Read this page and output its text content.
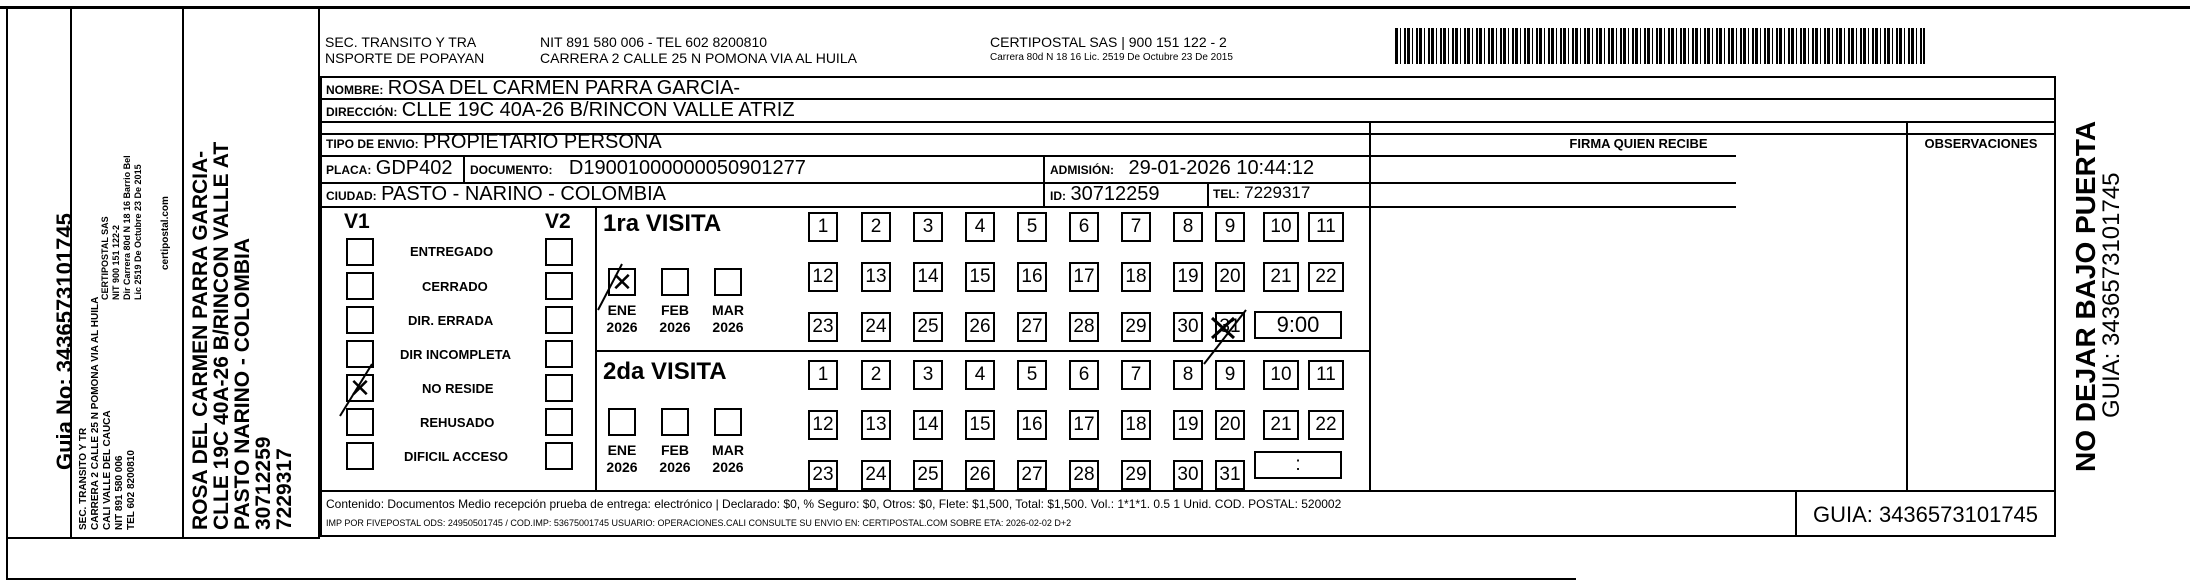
Guia No: 3436573101745
SEC. TRANSITO Y TR CARRERA 2 CALLE 25 N POMONA VIA AL HUILA CALI VALLE DEL CAUCA NIT 891 580 006 TEL 602 8200810
CERTIPOSTAL SAS NIT 900 151 122-2 Dir Carrera 80d N 18 16 Barrio Bel Lic 2519 De Octubre 23 De 2015 certipostal.com ROSA DEL CARMEN PARRA GARCIA-
CLLE 19C 40A-26 B/RINCON VALLE AT
PASTO NARINO - COLOMBIA
30712259
7229317
SEC. TRANSITO Y TRA
NSPORTE DE POPAYAN
NIT 891 580 006 - TEL 602 8200810
CARRERA 2 CALLE 25 N POMONA VIA AL HUILA
CERTIPOSTAL SAS | 900 151 122 - 2
Carrera 80d N 18 16 Lic. 2519 De Octubre 23 De 2015
NOMBRE: ROSA DEL CARMEN PARRA GARCIA-
DIRECCIÓN: CLLE 19C 40A-26 B/RINCON VALLE ATRIZ
TIPO DE ENVIO: PROPIETARIO PERSONA
PLACA: GDP402 DOCUMENTO: D19001000000050901277	ADMISIÓN: 29-01-2026 10:44:12
CIUDAD: PASTO - NARINO - COLOMBIA	ID: 30712259	TEL: 7229317
FIRMA QUIEN RECIBE	OBSERVACIONES
V1	V2
ENTREGADO
CERRADO
DIR. ERRADA
DIR INCOMPLETA
✕	NO RESIDE
REHUSADO
DIFICIL ACCESO
1ra VISITA
✕
ENE
2026
FEB
2026
MAR
2026
1	2	3	4	5	6	7	8	9	10	11
12 13 14 15 16 17 18 19 20	21	22
23 24 25 26 27 28 29 30 31	9:00
2da VISITA
ENE
2026
FEB
2026
MAR
2026
1	2	3	4	5	6	7	8	9	10	11
12 13 14 15 16 17 18 19 20	21	22
23 24 25 26 27 28 29 30 31	:
Contenido: Documentos Medio recepción prueba de entrega: electrónico | Declarado: $0, % Seguro: $0, Otros: $0, Flete: $1,500, Total: $1,500. Vol.: 1*1*1. 0.5 1 Unid. COD. POSTAL: 520002
IMP POR FIVEPOSTAL ODS: 24950501745 / COD.IMP: 53675001745 USUARIO: OPERACIONES.CALI CONSULTE SU ENVIO EN: CERTIPOSTAL.COM SOBRE ETA: 2026-02-02 D+2	GUIA: 3436573101745
NO DEJAR BAJO PUERTA
GUIA: 3436573101745
